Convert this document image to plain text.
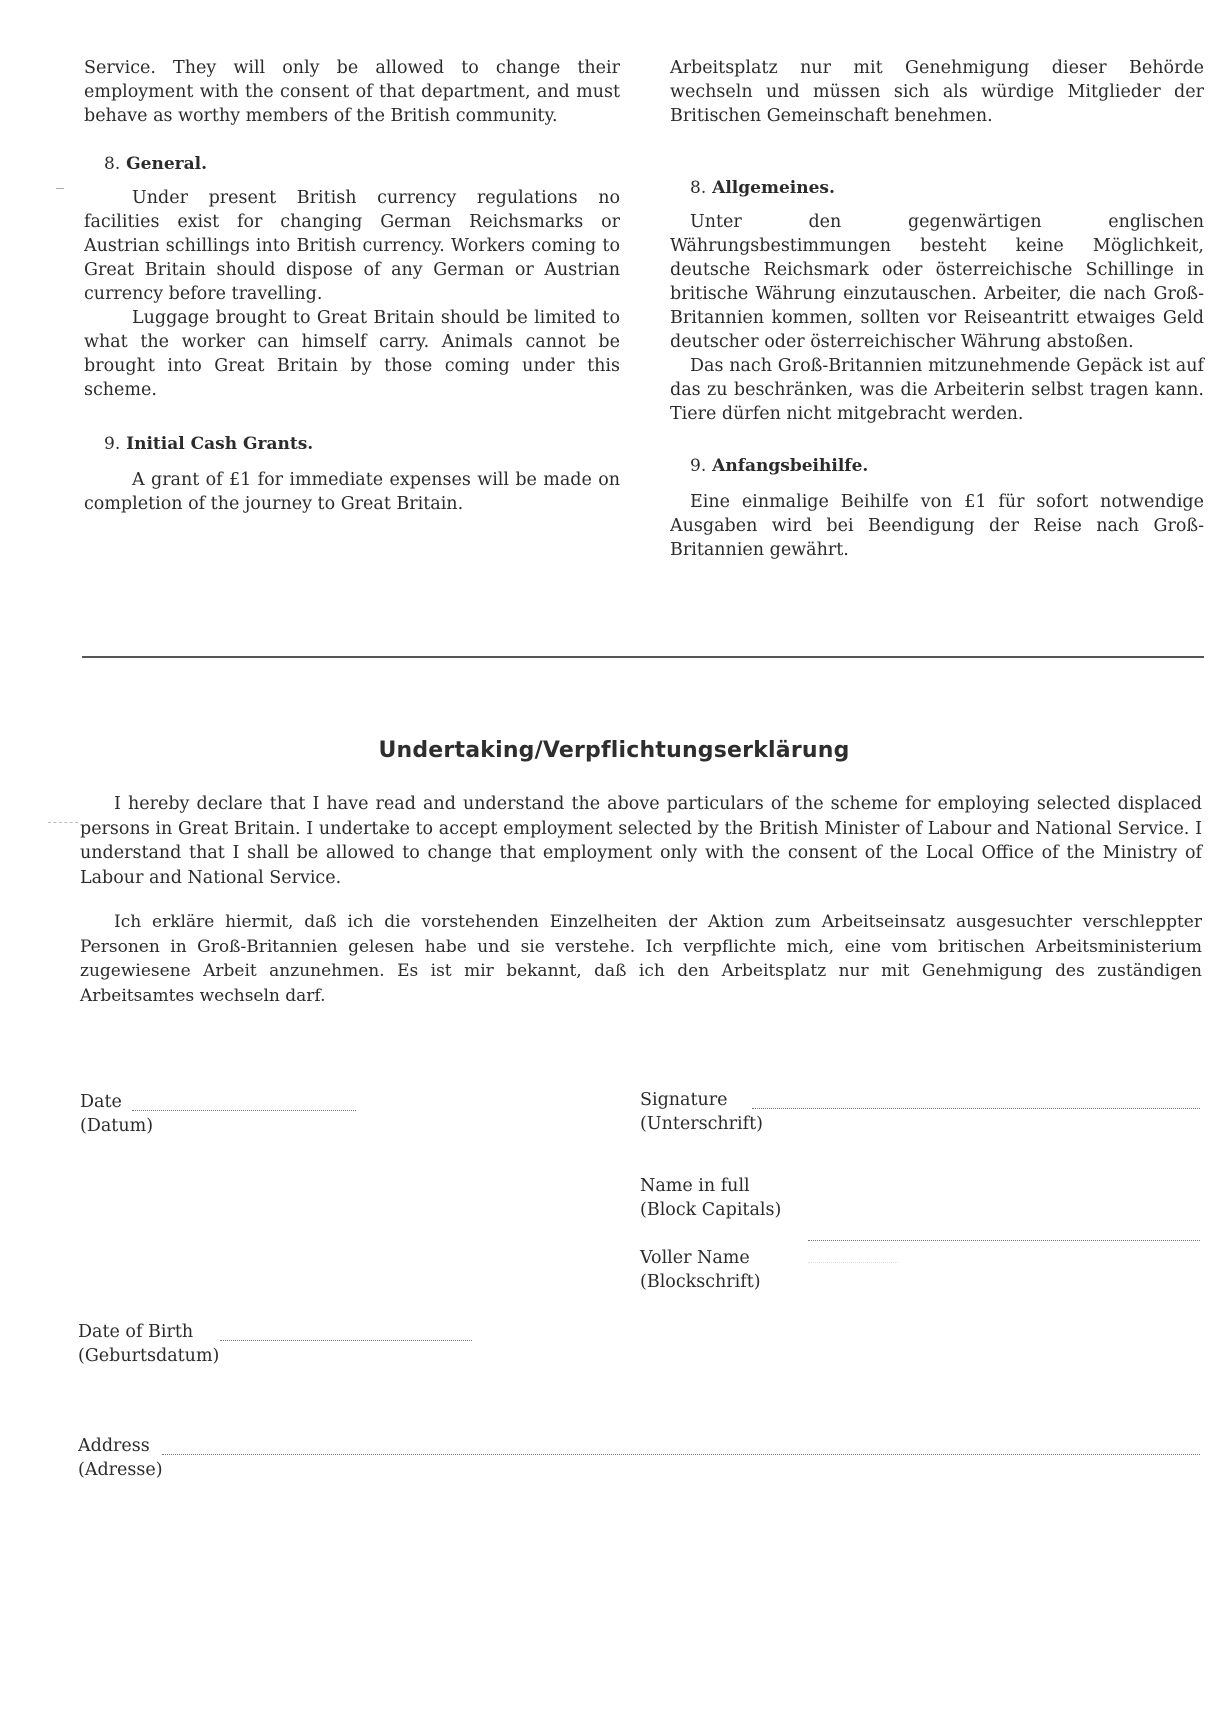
Service. They will only be allowed to change their employment with the consent of that department, and must behave as worthy members of the British community.

8. General.

Under present British currency regulations no facilities exist for changing German Reichsmarks or Austrian schillings into British currency. Workers coming to Great Britain should dispose of any German or Austrian currency before travelling.

Luggage brought to Great Britain should be limited to what the worker can himself carry. Animals cannot be brought into Great Britain by those coming under this scheme.

9. Initial Cash Grants.

A grant of £1 for immediate expenses will be made on completion of the journey to Great Britain.

Arbeitsplatz nur mit Genehmigung dieser Behörde wechseln und müssen sich als würdige Mitglieder der Britischen Gemeinschaft benehmen.

8. Allgemeines.

Unter den gegenwärtigen englischen Währungsbestimmungen besteht keine Möglichkeit, deutsche Reichsmark oder österreichische Schillinge in britische Währung einzutauschen. Arbeiter, die nach Groß-Britannien kommen, sollten vor Reiseantritt etwaiges Geld deutscher oder österreichischer Währung abstoßen.

Das nach Groß-Britannien mitzunehmende Gepäck ist auf das zu beschränken, was die Arbeiterin selbst tragen kann. Tiere dürfen nicht mitgebracht werden.

9. Anfangsbeihilfe.

Eine einmalige Beihilfe von £1 für sofort notwendige Ausgaben wird bei Beendigung der Reise nach Groß-Britannien gewährt.

Undertaking/Verpflichtungserklärung

I hereby declare that I have read and understand the above particulars of the scheme for employing selected displaced persons in Great Britain. I undertake to accept employment selected by the British Minister of Labour and National Service. I understand that I shall be allowed to change that employment only with the consent of the Local Office of the Ministry of Labour and National Service.

Ich erkläre hiermit, daß ich die vorstehenden Einzelheiten der Aktion zum Arbeitseinsatz ausgesuchter verschleppter Personen in Groß-Britannien gelesen habe und sie verstehe. Ich verpflichte mich, eine vom britischen Arbeitsministerium zugewiesene Arbeit anzunehmen. Es ist mir bekannt, daß ich den Arbeitsplatz nur mit Genehmigung des zuständigen Arbeitsamtes wechseln darf.

Date
(Datum)
Signature
(Unterschrift)
Name in full
(Block Capitals)
Voller Name
(Blockschrift)
Date of Birth
(Geburtsdatum)
Address
(Adresse)
